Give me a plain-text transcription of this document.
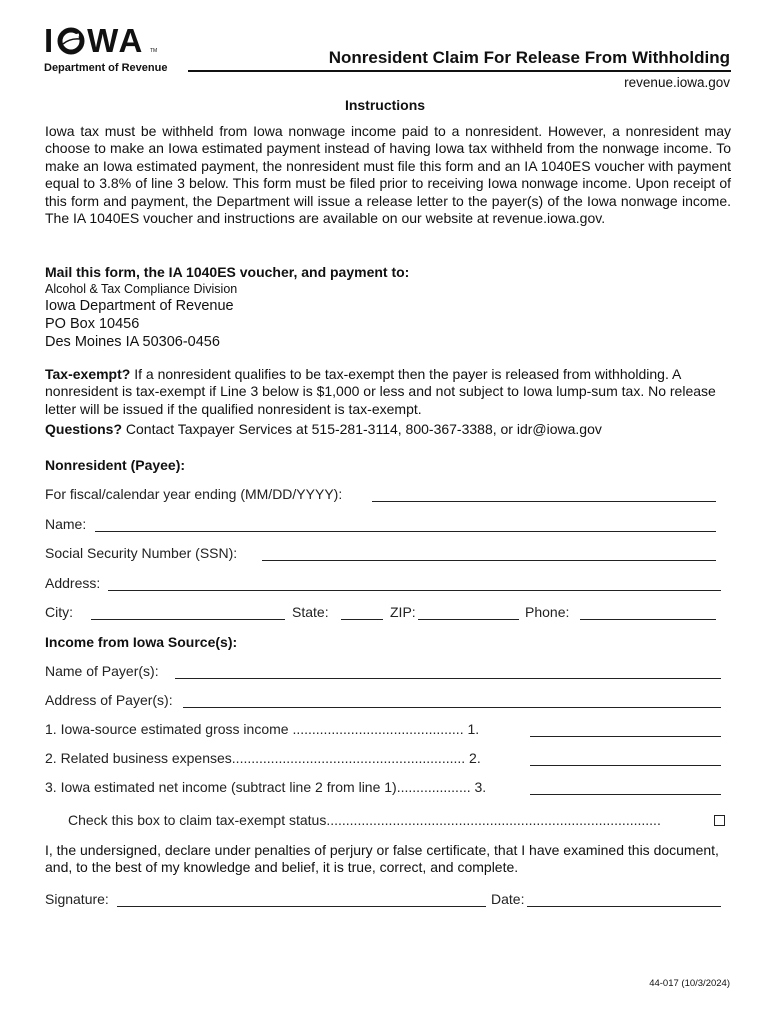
I WA TM
Department of Revenue
Nonresident Claim For Release From Withholding
revenue.iowa.gov
Instructions
Iowa tax must be withheld from Iowa nonwage income paid to a nonresident. However, a nonresident may choose to make an Iowa estimated payment instead of having Iowa tax withheld from the nonwage income. To make an Iowa estimated payment, the nonresident must file this form and an IA 1040ES voucher with payment equal to 3.8% of line 3 below. This form must be filed prior to receiving Iowa nonwage income. Upon receipt of this form and payment, the Department will issue a release letter to the payer(s) of the Iowa nonwage income. The IA 1040ES voucher and instructions are available on our website at revenue.iowa.gov.
Mail this form, the IA 1040ES voucher, and payment to:
Alcohol & Tax Compliance Division
Iowa Department of Revenue
PO Box 10456
Des Moines IA 50306-0456
Tax-exempt? If a nonresident qualifies to be tax-exempt then the payer is released from withholding. A nonresident is tax-exempt if Line 3 below is $1,000 or less and not subject to Iowa lump-sum tax. No release letter will be issued if the qualified nonresident is tax-exempt.
Questions? Contact Taxpayer Services at 515-281-3114, 800-367-3388, or idr@iowa.gov
Nonresident (Payee):
For fiscal/calendar year ending (MM/DD/YYYY):
Name:
Social Security Number (SSN):
Address:
City:	State:	ZIP:	Phone:
Income from Iowa Source(s):
Name of Payer(s):
Address of Payer(s):
1. Iowa-source estimated gross income ............................................ 1.
2. Related business expenses............................................................ 2.
3. Iowa estimated net income (subtract line 2 from line 1)................... 3.
Check this box to claim tax-exempt status......................................................................................
I, the undersigned, declare under penalties of perjury or false certificate, that I have examined this document, and, to the best of my knowledge and belief, it is true, correct, and complete.
Signature:	Date:
44-017 (10/3/2024)
